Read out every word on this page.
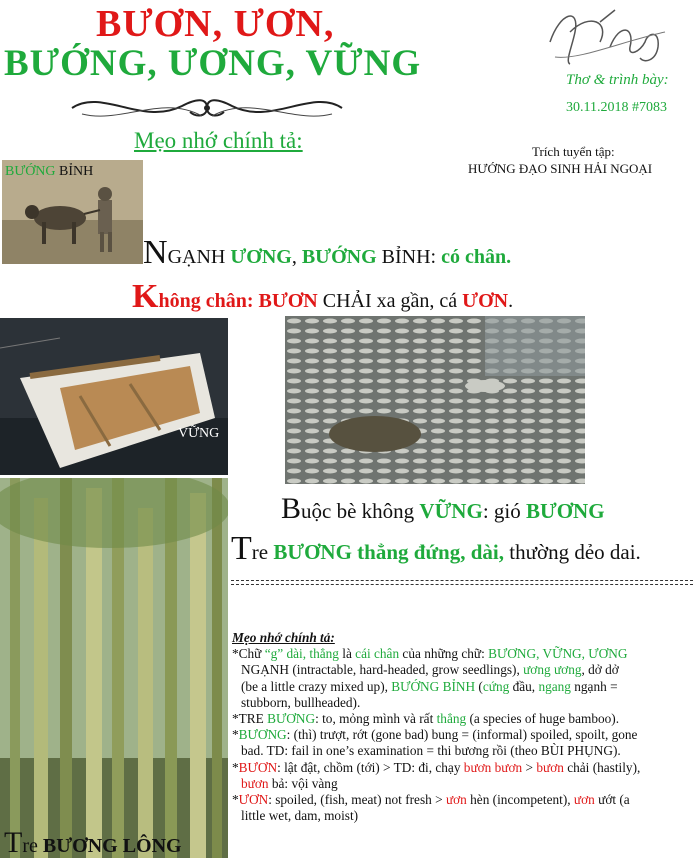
BƯƠN, ƯƠN,
BƯỚNG, ƯƠNG, VỮNG
Mẹo nhớ chính tả:
Thơ & trình bày:
30.11.2018 #7083
Trích tuyển tập:
HƯỚNG ĐẠO SINH HẢI NGOẠI
BƯỚNG BỈNH
NGẠNH ƯƠNG, BƯỚNG BỈNH: có chân.
Không chân: BƯƠN CHẢI xa gần, cá ƯƠN.
VỮNG
Tre BƯƠNG LÔNG
Buộc bè không VỮNG: gió BƯƠNG
Tre BƯƠNG thẳng đứng, dài, thường dẻo dai.

Mẹo nhớ chính tả:

*Chữ “g” dài, thẳng là cái chân của những chữ: BƯƠNG, VỮNG, ƯƠNG

NGẠNH (intractable, hard-headed, grow seedlings), ương ương, dở dở

(be a little crazy mixed up), BƯỚNG BỈNH (cứng đầu, ngang ngạnh =

stubborn, bullheaded).

*TRE BƯƠNG: to, mỏng mình và rất thẳng (a species of huge bamboo).

*BƯƠNG: (thì) trượt, rớt (gone bad) bung = (informal) spoiled, spoilt, gone

bad. TD: fail in one’s examination = thi bương rồi (theo BÙI PHỤNG).

*BƯƠN: lật đật, chồm (tới) > TD: đi, chạy bươn bươn > bươn chải (hastily),

bươn bả: vội vàng

*ƯƠN: spoiled, (fish, meat) not fresh > ươn hèn (incompetent), ươn ướt (a

little wet, dam, moist)
